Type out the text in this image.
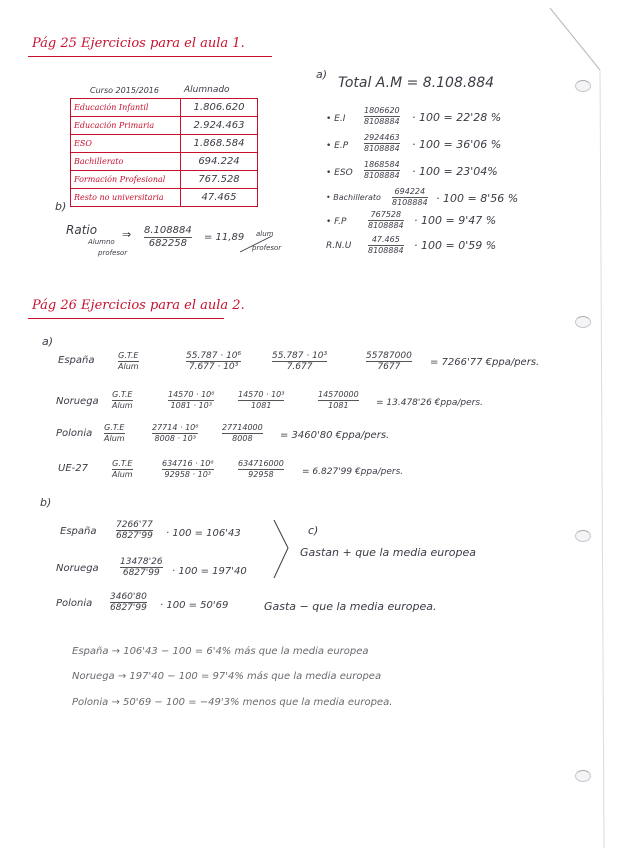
Pág 25 Ejercicios para el aula 1.
Curso 2015/2016	Alumnado
Educación Infantil	1.806.620
Educación Primaria	2.924.463
ESO	1.868.584
Bachillerato	694.224
Formación Profesional	767.528
Resto no universitaria	47.465
a)
Total A.M = 8.108.884
• $E.I \frac{1806620}{8108884} \cdot 100 = 22'28$ %
• $E.P \frac{2924463}{8108884} \cdot 100 = 36'06$ %
• ESO $\frac{1868584}{8108884} \cdot 100 = 23'04\%$
• Bachillerato $\frac{694224}{8108884} \cdot 100 = 8'56$ %
• F.P	$\frac{767528}{8108884} \cdot 100 = 9'47$ %
$R.N.U \frac{47.465}{8108884} \cdot 100 = 0'59$ %
b)
Ratio
Alumno
profesor
⇒ $\frac{8.108884}{682258} = 11,89$ alum
profesor
Pág 26 Ejercicios para el aula 2.
a)
España	G.T.E
Alum	$\frac{\text{55.787 · 10⁶}}{\text{7.677 · 10³}}$	$\frac{\text{55.787 · 10³}}{7.677}$	$\frac{55787000}{7677} = 7266'77$ €ppa/pers.
Noruega
G.T.E
Alum	$\frac{\text{14570 · 10⁶}}{\text{1081 · 10³}}$	$\frac{\text{14570 · 10³}}{1081}$	$\frac{14570000}{1081} = 13.478'26$ €ppa/pers.
Polonia
G.T.E
Alum	$\frac{\text{27714 · 10⁶}}{\text{8008 · 10³}}$	$\frac{27714000}{8008} = 3460'80$ €ppa/pers.
UE-27	G.T.E
Alum	$\frac{\text{634716 · 10⁶}}{\text{92958 · 10³}}$	$\frac{634716000}{92958} = 6.827'99$ €ppa/pers.
b)
España $\frac{7266'77}{6827'99} \cdot 100 = 106'43$
Noruega $\frac{13478'26}{6827'99} \cdot 100 = 197'40$
c)
Gastan + que la media europea
Polonia $\frac{3460'80}{6827'99} \cdot 100 = 50'69$	Gasta − que la media europea.
España → 106'43 − 100 = 6'4% más que la media europea
Noruega → 197'40 − 100 = 97'4% más que la media europea
Polonia → 50'69 − 100 = −49'3% menos que la media europea.
